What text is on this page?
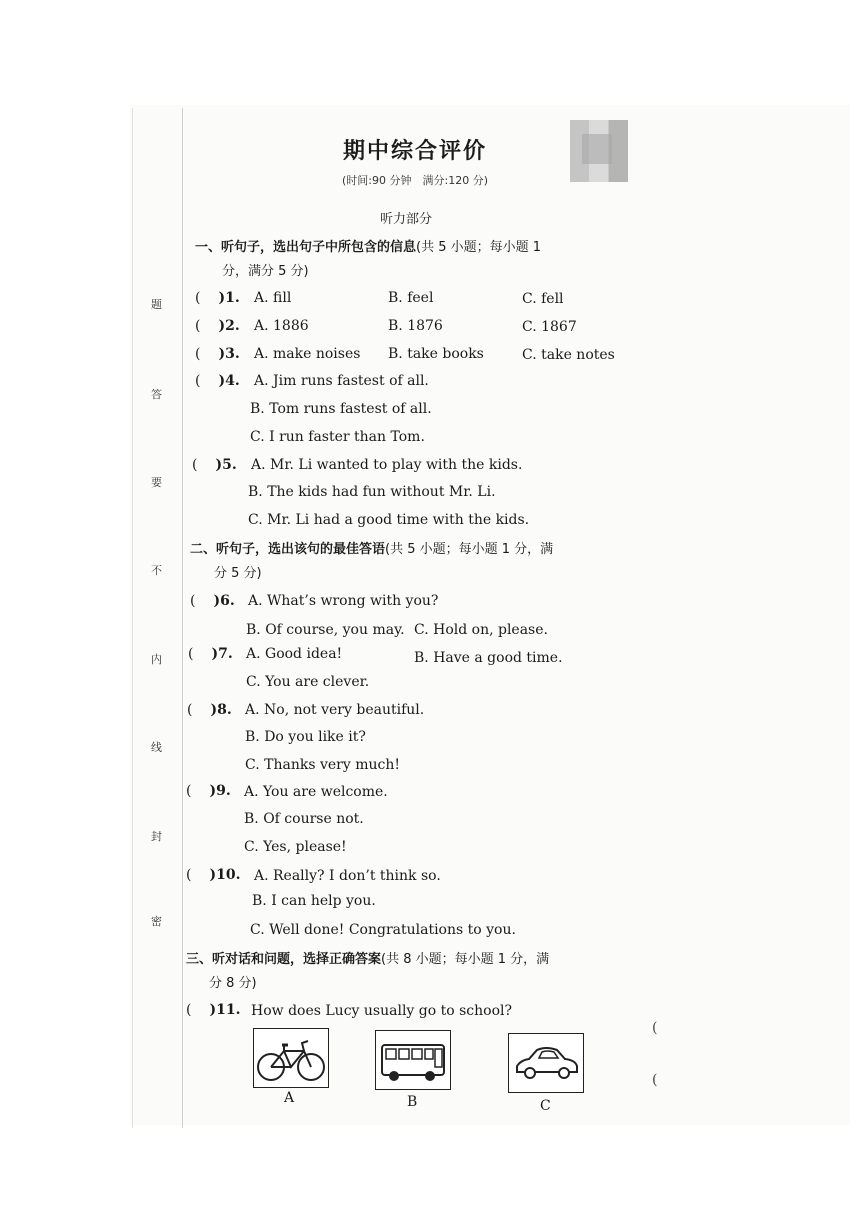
题
答
要
不
内
线
封
密
期中综合评价
(时间:90 分钟　满分:120 分)
听力部分
一、听句子，选出句子中所包含的信息(共 5 小题；每小题 1
分，满分 5 分)
( )1. A. fill	B. feel	C. fell
( )2. A. 1886	B. 1876	C. 1867
( )3. A. make noises B. take books	C. take notes
( )4. A. Jim runs fastest of all.
B. Tom runs fastest of all.
C. I run faster than Tom.
( )5. A. Mr. Li wanted to play with the kids.
B. The kids had fun without Mr. Li.
C. Mr. Li had a good time with the kids.
二、听句子，选出该句的最佳答语(共 5 小题；每小题 1 分，满
分 5 分)
( )6. A. What’s wrong with you?
B. Of course, you may. C. Hold on, please.
( )7. A. Good idea!	B. Have a good time.
C. You are clever.
( )8. A. No, not very beautiful.
B. Do you like it?
C. Thanks very much!
( )9. A. You are welcome.
B. Of course not.
C. Yes, please!
( )10. A. Really? I don’t think so.
B. I can help you.
C. Well done! Congratulations to you.
三、听对话和问题，选择正确答案(共 8 小题；每小题 1 分，满
分 8 分)
( )11. How does Lucy usually go to school?
A	B	C
(
(
